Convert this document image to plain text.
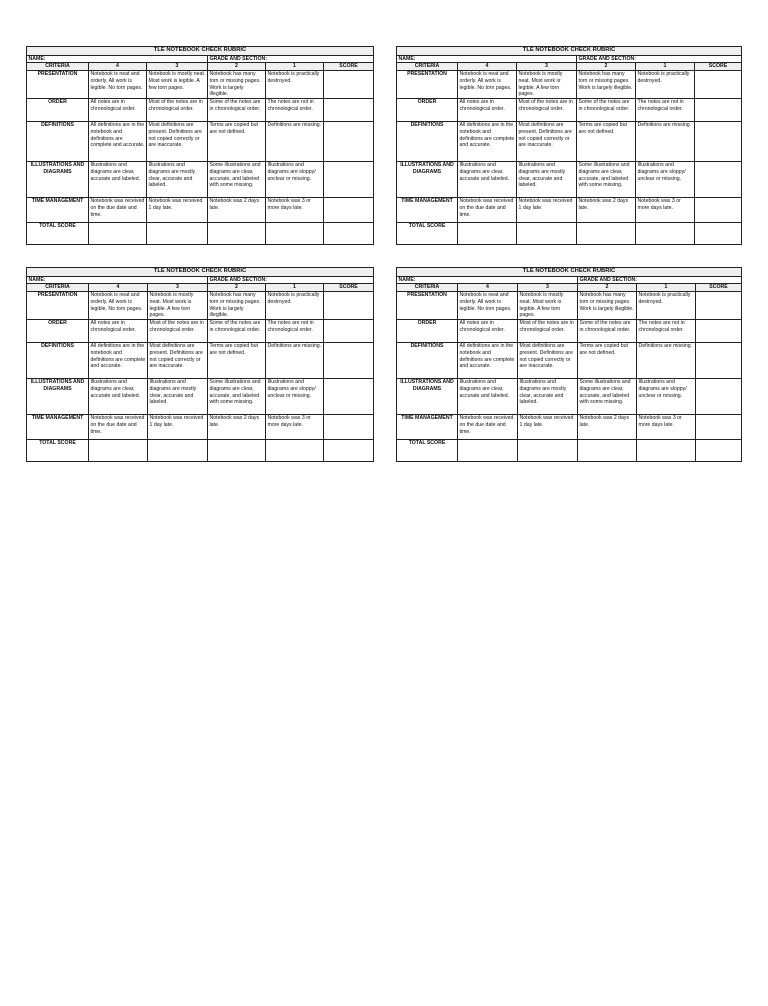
TLE NOTEBOOK CHECK RUBRIC					
NAME:			GRADE AND SECTION:		
CRITERIA	4	3	2	1	SCORE
PRESENTATION	Notebook is neat and orderly. All work is legible. No torn pages.	Notebook is mostly neat. Most work is legible. A few torn pages.	Notebook has many torn or missing pages. Work is largely illegible.	Notebook is practically destroyed.	
ORDER	All notes are in chronological order.	Most of the notes are in chronological order.	Some of the notes are in chronological order.	The notes are not in chronological order.	
DEFINITIONS	All definitions are in the notebook and definitions are complete and accurate.	Most definitions are present. Definitions are not copied correctly or are inaccurate.	Terms are copied but are not defined.	Definitions are missing.	
ILLUSTRATIONS AND DIAGRAMS	Illustrations and diagrams are clear, accurate and labeled.	Illustrations and diagrams are mostly clear, accurate and labeled.	Some illustrations and diagrams are clear, accurate, and labeled with some missing.	Illustrations and diagrams are sloppy/ unclear or missing.	
TIME MANAGEMENT	Notebook was received on the due date and time.	Notebook was received 1 day late.	Notebook was 2 days late.	Notebook was 3 or more days late.	
TOTAL SCORE					
TLE NOTEBOOK CHECK RUBRIC					
NAME:			GRADE AND SECTION:		
CRITERIA	4	3	2	1	SCORE
PRESENTATION	Notebook is neat and orderly. All work is legible. No torn pages.	Notebook is mostly neat. Most work is legible. A few torn pages.	Notebook has many torn or missing pages. Work is largely illegible.	Notebook is practically destroyed.	
ORDER	All notes are in chronological order.	Most of the notes are in chronological order.	Some of the notes are in chronological order.	The notes are not in chronological order.	
DEFINITIONS	All definitions are in the notebook and definitions are complete and accurate.	Most definitions are present. Definitions are not copied correctly or are inaccurate.	Terms are copied but are not defined.	Definitions are missing.	
ILLUSTRATIONS AND DIAGRAMS	Illustrations and diagrams are clear, accurate and labeled.	Illustrations and diagrams are mostly clear, accurate and labeled.	Some illustrations and diagrams are clear, accurate, and labeled with some missing.	Illustrations and diagrams are sloppy/ unclear or missing.	
TIME MANAGEMENT	Notebook was received on the due date and time.	Notebook was received 1 day late.	Notebook was 2 days late.	Notebook was 3 or more days late.	
TOTAL SCORE					
TLE NOTEBOOK CHECK RUBRIC					
NAME:			GRADE AND SECTION:		
CRITERIA	4	3	2	1	SCORE
PRESENTATION	Notebook is neat and orderly. All work is legible. No torn pages.	Notebook is mostly neat. Most work is legible. A few torn pages.	Notebook has many torn or missing pages. Work is largely illegible.	Notebook is practically destroyed.	
ORDER	All notes are in chronological order.	Most of the notes are in chronological order.	Some of the notes are in chronological order.	The notes are not in chronological order.	
DEFINITIONS	All definitions are in the notebook and definitions are complete and accurate.	Most definitions are present. Definitions are not copied correctly or are inaccurate.	Terms are copied but are not defined.	Definitions are missing.	
ILLUSTRATIONS AND DIAGRAMS	Illustrations and diagrams are clear, accurate and labeled.	Illustrations and diagrams are mostly clear, accurate and labeled.	Some illustrations and diagrams are clear, accurate, and labeled with some missing.	Illustrations and diagrams are sloppy/ unclear or missing.	
TIME MANAGEMENT	Notebook was received on the due date and time.	Notebook was received 1 day late.	Notebook was 2 days late.	Notebook was 3 or more days late.	
TOTAL SCORE					
TLE NOTEBOOK CHECK RUBRIC					
NAME:			GRADE AND SECTION:		
CRITERIA	4	3	2	1	SCORE
PRESENTATION	Notebook is neat and orderly. All work is legible. No torn pages.	Notebook is mostly neat. Most work is legible. A few torn pages.	Notebook has many torn or missing pages. Work is largely illegible.	Notebook is practically destroyed.	
ORDER	All notes are in chronological order.	Most of the notes are in chronological order.	Some of the notes are in chronological order.	The notes are not in chronological order.	
DEFINITIONS	All definitions are in the notebook and definitions are complete and accurate.	Most definitions are present. Definitions are not copied correctly or are inaccurate.	Terms are copied but are not defined.	Definitions are missing.	
ILLUSTRATIONS AND DIAGRAMS	Illustrations and diagrams are clear, accurate and labeled.	Illustrations and diagrams are mostly clear, accurate and labeled.	Some illustrations and diagrams are clear, accurate, and labeled with some missing.	Illustrations and diagrams are sloppy/ unclear or missing.	
TIME MANAGEMENT	Notebook was received on the due date and time.	Notebook was received 1 day late.	Notebook was 2 days late.	Notebook was 3 or more days late.	
TOTAL SCORE					
